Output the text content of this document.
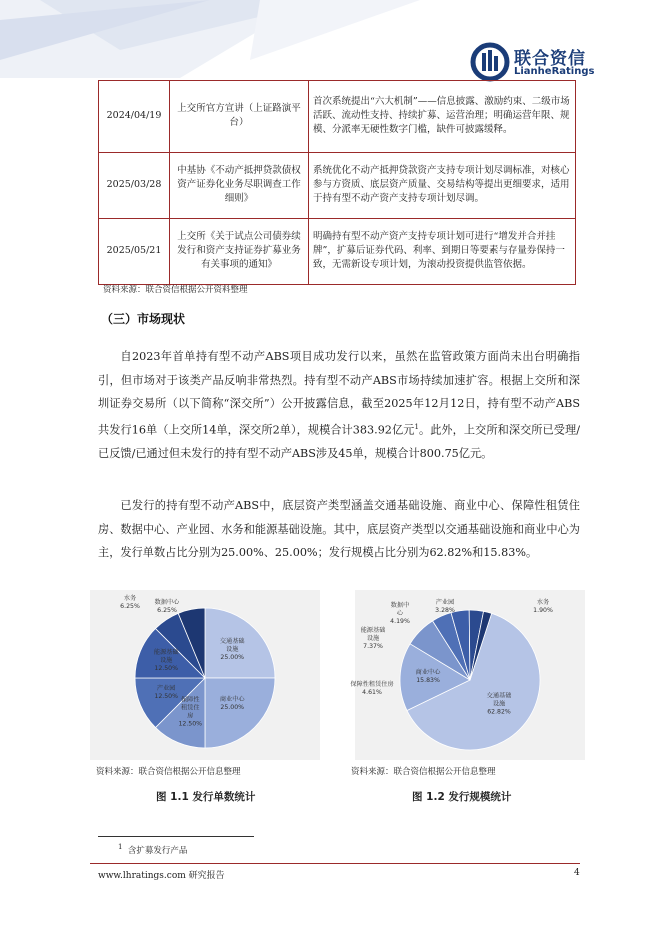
联合资信
LianheRatings
2024/04/19	上交所官方宣讲（上证路演平台）	首次系统提出“六大机制”——信息披露、激励约束、二级市场活跃、流动性支持、持续扩募、运营治理；明确运营年限、规模、分派率无硬性数字门槛，缺件可披露缓释。
2025/03/28	中基协《不动产抵押贷款债权资产证券化业务尽职调查工作细则》	系统优化不动产抵押贷款资产支持专项计划尽调标准，对核心参与方资质、底层资产质量、交易结构等提出更细要求，适用于持有型不动产资产支持专项计划尽调。
2025/05/21	上交所《关于试点公司债券续发行和资产支持证券扩募业务有关事项的通知》	明确持有型不动产资产支持专项计划可进行“增发并合并挂牌”，扩募后证券代码、利率、到期日等要素与存量券保持一致，无需新设专项计划，为滚动投资提供监管依据。
资料来源：联合资信根据公开资料整理
（三）市场现状

自2023年首单持有型不动产ABS项目成功发行以来，虽然在监管政策方面尚未出台明确指引，但市场对于该类产品反响非常热烈。持有型不动产ABS市场持续加速扩容。根据上交所和深圳证券交易所（以下简称“深交所”）公开披露信息，截至2025年12月12日，持有型不动产ABS共发行16单（上交所14单，深交所2单），规模合计383.92亿元$^1$。此外，上交所和深交所已受理/已反馈/已通过但未发行的持有型不动产ABS涉及45单，规模合计800.75亿元。

已发行的持有型不动产ABS中，底层资产类型涵盖交通基础设施、商业中心、保障性租赁住房、数据中心、产业园、水务和能源基础设施。其中，底层资产类型以交通基础设施和商业中心为主，发行单数占比分别为25.00%、25.00%；发行规模占比分别为62.82%和15.83%。

交通基础设施 25.00%
商业中心 25.00%
保障性租赁住房 12.50%
产业园 12.50%
能源基础设施 12.50%
水务 6.25%
数据中心 6.25%
资料来源：联合资信根据公开信息整理
图 1.1 发行单数统计
交通基础设施 62.82%
商业中心 15.83%
能源基础设施 7.37%
保障性租赁住房 4.61%
数据中心 4.19%
产业园 3.28%
水务 1.90%
资料来源：联合资信根据公开信息整理
图 1.2 发行规模统计
$^1$ 含扩募发行产品
www.lhratings.com 研究报告	4
